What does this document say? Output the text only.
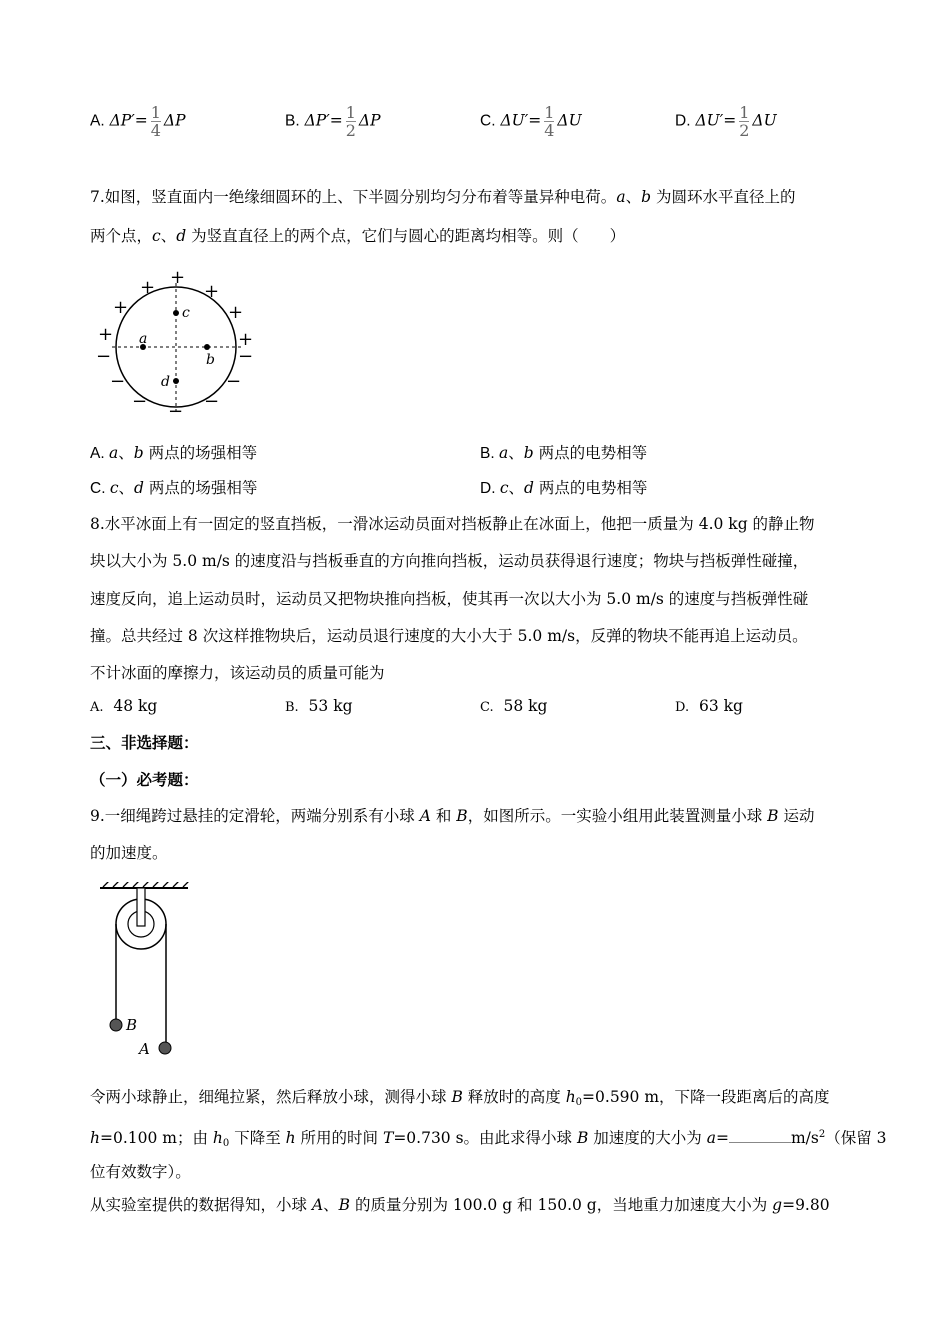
A. $\Delta P'= \frac{1}{4}$ ΔP	B. $\Delta P'= \frac{1}{2}$ ΔP	C. $\Delta U'= \frac{1}{4}$ ΔU	D. $\Delta U'= \frac{1}{2}$ ΔU
7.如图，竖直面内一绝缘细圆环的上、下半圆分别均匀分布着等量异种电荷。a、b 为圆环水平直径上的
两个点，c、d 为竖直直径上的两个点，它们与圆心的距离均相等。则（　　）
+
+	+
+	+
+	+
−	−
−	−
−	−
−
a
b
c
d
A. a、b 两点的场强相等	B. a、b 两点的电势相等
C. c、d 两点的场强相等	D. c、d 两点的电势相等
8.水平冰面上有一固定的竖直挡板，一滑冰运动员面对挡板静止在冰面上，他把一质量为 4.0 kg 的静止物
块以大小为 5.0 m/s 的速度沿与挡板垂直的方向推向挡板，运动员获得退行速度；物块与挡板弹性碰撞，
速度反向，追上运动员时，运动员又把物块推向挡板，使其再一次以大小为 5.0 m/s 的速度与挡板弹性碰
撞。总共经过 8 次这样推物块后，运动员退行速度的大小大于 5.0 m/s，反弹的物块不能再追上运动员。
不计冰面的摩擦力，该运动员的质量可能为
A. 48 kg	B. 53 kg	C. 58 kg	D. 63 kg
三、非选择题：
（一）必考题：
9.一细绳跨过悬挂的定滑轮，两端分别系有小球 A 和 B，如图所示。一实验小组用此装置测量小球 B 运动
的加速度。
B
A
令两小球静止，细绳拉紧，然后释放小球，测得小球 B 释放时的高度 $h_0=0.590$ m，下降一段距离后的高度
h=0.100 m；由 $h_0$ 下降至 h 所用的时间 T=0.730 s。由此求得小球 B 加速度的大小为 a=	$m/s^2$（保留 3
位有效数字）。
从实验室提供的数据得知，小球 A、B 的质量分别为 100.0 g 和 150.0 g，当地重力加速度大小为 g=9.80
